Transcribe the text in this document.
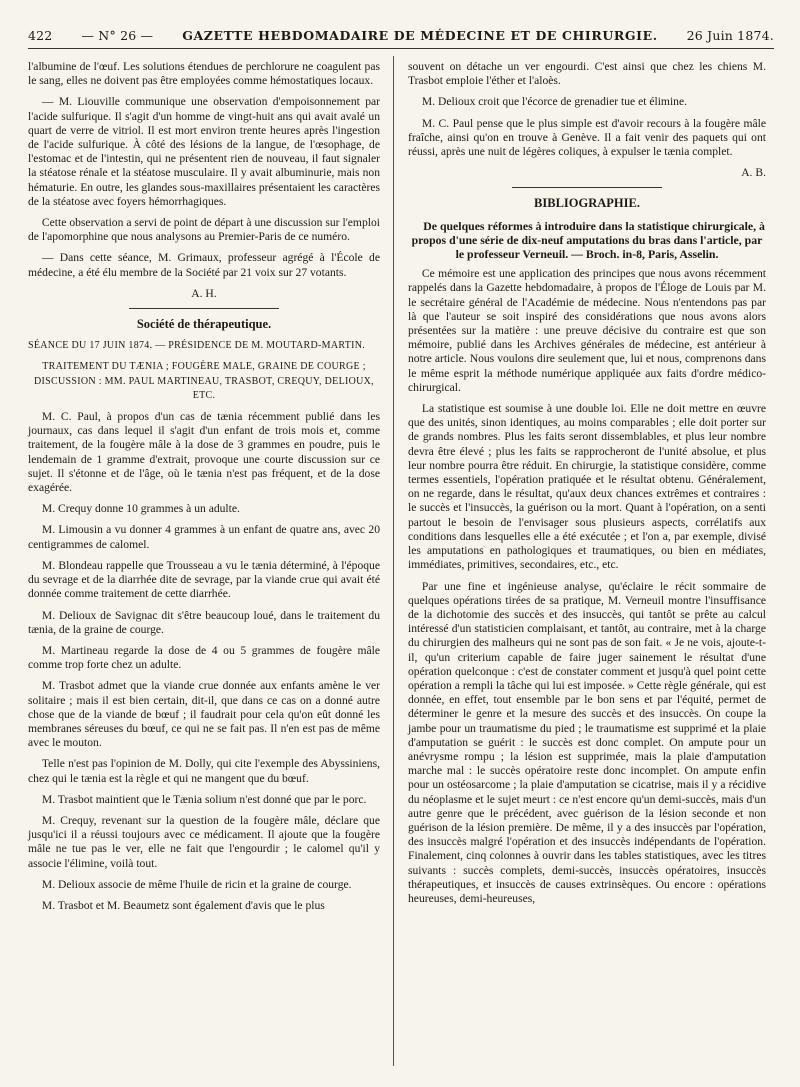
422 — N° 26 — GAZETTE HEBDOMADAIRE DE MÉDECINE ET DE CHIRURGIE. 26 Juin 1874.

l'albumine de l'œuf. Les solutions étendues de perchlorure ne coagulent pas le sang, elles ne doivent pas être employées comme hémostatiques locaux.

— M. Liouville communique une observation d'empoisonnement par l'acide sulfurique. Il s'agit d'un homme de vingt-huit ans qui avait avalé un quart de verre de vitriol. Il est mort environ trente heures après l'ingestion de l'acide sulfurique. À côté des lésions de la langue, de l'œsophage, de l'estomac et de l'intestin, qui ne présentent rien de nouveau, il faut signaler la stéatose rénale et la stéatose musculaire. Il y avait albuminurie, mais non hématurie. En outre, les glandes sous-maxillaires présentaient les caractères de la stéatose avec foyers hémorrhagiques.

Cette observation a servi de point de départ à une discussion sur l'emploi de l'apomorphine que nous analysons au Premier-Paris de ce numéro.

— Dans cette séance, M. Grimaux, professeur agrégé à l'École de médecine, a été élu membre de la Société par 21 voix sur 27 votants.

A. H.
Société de thérapeutique.

SÉANCE DU 17 JUIN 1874. — PRÉSIDENCE DE M. MOUTARD-MARTIN.

TRAITEMENT DU TÆNIA ; FOUGÈRE MALE, GRAINE DE COURGE ; DISCUSSION : MM. PAUL MARTINEAU, TRASBOT, CREQUY, DELIOUX, ETC.

M. C. Paul, à propos d'un cas de tænia récemment publié dans les journaux, cas dans lequel il s'agit d'un enfant de trois mois et, comme traitement, de la fougère mâle à la dose de 3 grammes en poudre, puis le lendemain de 1 gramme d'extrait, provoque une courte discussion sur ce sujet. Il s'étonne et de l'âge, où le tænia n'est pas fréquent, et de la dose exagérée.

M. Crequy donne 10 grammes à un adulte.

M. Limousin a vu donner 4 grammes à un enfant de quatre ans, avec 20 centigrammes de calomel.

M. Blondeau rappelle que Trousseau a vu le tænia déterminé, à l'époque du sevrage et de la diarrhée dite de sevrage, par la viande crue qui avait été donnée comme traitement de cette diarrhée.

M. Delioux de Savignac dit s'être beaucoup loué, dans le traitement du tænia, de la graine de courge.

M. Martineau regarde la dose de 4 ou 5 grammes de fougère mâle comme trop forte chez un adulte.

M. Trasbot admet que la viande crue donnée aux enfants amène le ver solitaire ; mais il est bien certain, dit-il, que dans ce cas on a donné autre chose que de la viande de bœuf ; il faudrait pour cela qu'on eût donné les membranes séreuses du bœuf, ce qui ne se fait pas. Il n'en est pas de même avec le mouton.

Telle n'est pas l'opinion de M. Dolly, qui cite l'exemple des Abyssiniens, chez qui le tænia est la règle et qui ne mangent que du bœuf.

M. Trasbot maintient que le Tænia solium n'est donné que par le porc.

M. Crequy, revenant sur la question de la fougère mâle, déclare que jusqu'ici il a réussi toujours avec ce médicament. Il ajoute que la fougère mâle ne tue pas le ver, elle ne fait que l'engourdir ; le calomel qu'il y associe l'élimine, voilà tout.

M. Delioux associe de même l'huile de ricin et la graine de courge.

M. Trasbot et M. Beaumetz sont également d'avis que le plus

souvent on détache un ver engourdi. C'est ainsi que chez les chiens M. Trasbot emploie l'éther et l'aloès.

M. Delioux croit que l'écorce de grenadier tue et élimine.

M. C. Paul pense que le plus simple est d'avoir recours à la fougère mâle fraîche, ainsi qu'on en trouve à Genève. Il a fait venir des paquets qui ont réussi, après une nuit de légères coliques, à expulser le tænia complet.

A. B.
BIBLIOGRAPHIE.

De quelques réformes à introduire dans la statistique chirurgicale, à propos d'une série de dix-neuf amputations du bras dans l'article, par le professeur Verneuil. — Broch. in-8, Paris, Asselin.

Ce mémoire est une application des principes que nous avons récemment rappelés dans la Gazette hebdomadaire, à propos de l'Éloge de Louis par M. le secrétaire général de l'Académie de médecine. Nous n'entendons pas par là que l'auteur se soit inspiré des considérations que nous avons alors présentées sur la matière : une preuve décisive du contraire est que son mémoire, publié dans les Archives générales de médecine, est antérieur à notre article. Nous voulons dire seulement que, lui et nous, comprenons dans le même esprit la méthode numérique appliquée aux faits d'ordre médico-chirurgical.

La statistique est soumise à une double loi. Elle ne doit mettre en œuvre que des unités, sinon identiques, au moins comparables ; elle doit porter sur de grands nombres. Plus les faits seront dissemblables, et plus leur nombre devra être élevé ; plus les faits se rapprocheront de l'unité absolue, et plus leur nombre pourra être réduit. En chirurgie, la statistique considère, comme termes essentiels, l'opération pratiquée et le résultat obtenu. Généralement, on ne regarde, dans le résultat, qu'aux deux chances extrêmes et contraires : le succès et l'insuccès, la guérison ou la mort. Quant à l'opération, on a senti partout le besoin de l'envisager sous plusieurs aspects, corrélatifs aux conditions dans lesquelles elle a été exécutée ; et l'on a, par exemple, divisé les amputations en pathologiques et traumatiques, ou bien en médiates, immédiates, primitives, secondaires, etc., etc.

Par une fine et ingénieuse analyse, qu'éclaire le récit sommaire de quelques opérations tirées de sa pratique, M. Verneuil montre l'insuffisance de la dichotomie des succès et des insuccès, qui tantôt se prête au calcul intéressé d'un statisticien complaisant, et tantôt, au contraire, met à la charge du chirurgien des malheurs qui ne sont pas de son fait. « Je ne vois, ajoute-t-il, qu'un criterium capable de faire juger sainement le résultat d'une opération quelconque : c'est de constater comment et jusqu'à quel point cette opération a rempli la tâche qui lui est imposée. » Cette règle générale, qui est donnée, en effet, tout ensemble par le bon sens et par l'équité, permet de déterminer le genre et la mesure des succès et des insuccès. On coupe la jambe pour un traumatisme du pied ; le traumatisme est supprimé et la plaie d'amputation se guérit : le succès est donc complet. On ampute pour un anévrysme rompu ; la lésion est supprimée, mais la plaie d'amputation marche mal : le succès opératoire reste donc incomplet. On ampute enfin pour un ostéosarcome ; la plaie d'amputation se cicatrise, mais il y a récidive du néoplasme et le sujet meurt : ce n'est encore qu'un demi-succès, mais d'un autre genre que le précédent, avec guérison de la lésion seconde et non guérison de la lésion première. De même, il y a des insuccès par l'opération, des insuccès malgré l'opération et des insuccès indépendants de l'opération. Finalement, cinq colonnes à ouvrir dans les tables statistiques, avec les titres suivants : succès complets, demi-succès, insuccès opératoires, insuccès thérapeutiques, et insuccès de causes extrinsèques. Ou encore : opérations heureuses, demi-heureuses,
